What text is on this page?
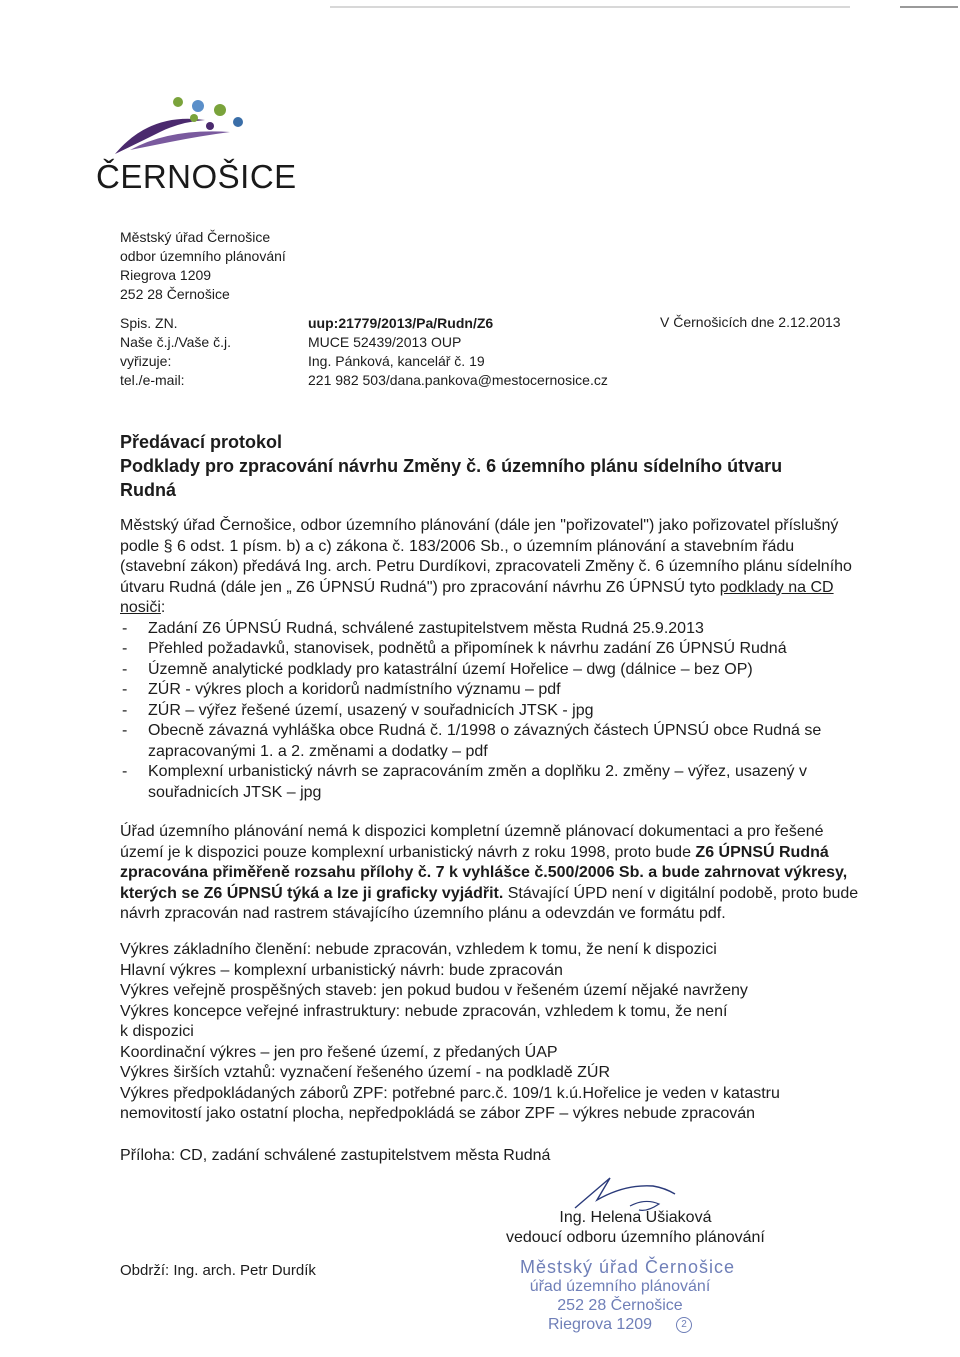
ČERNOŠICE
Městský úřad Černošice
odbor územního plánování
Riegrova 1209
252 28 Černošice
Spis. ZN.
Naše č.j./Vaše č.j.
vyřizuje:
tel./e-mail:
uup:21779/2013/Pa/Rudn/Z6
MUCE 52439/2013 OUP
Ing. Pánková, kancelář č. 19
221 982 503/dana.pankova@mestocernosice.cz
V Černošicích dne 2.12.2013
Předávací protokol
Podklady pro zpracování návrhu Změny č. 6 územního plánu sídelního útvaru
Rudná

Městský úřad Černošice, odbor územního plánování (dále jen "pořizovatel") jako pořizovatel příslušný podle § 6 odst. 1 písm. b) a c) zákona č. 183/2006 Sb., o územním plánování a stavebním řádu (stavební zákon) předává Ing. arch. Petru Durdíkovi, zpracovateli Změny č. 6 územního plánu sídelního útvaru Rudná (dále jen „ Z6 ÚPNSÚ Rudná") pro zpracování návrhu Z6 ÚPNSÚ tyto podklady na CD nosiči:

- Zadání Z6 ÚPNSÚ Rudná, schválené zastupitelstvem města Rudná 25.9.2013
- Přehled požadavků, stanovisek, podnětů a připomínek k návrhu zadání Z6 ÚPNSÚ Rudná
- Územně analytické podklady pro katastrální území Hořelice – dwg (dálnice – bez OP)
- ZÚR - výkres ploch a koridorů nadmístního významu – pdf
- ZÚR – výřez řešené území, usazený v souřadnicích JTSK - jpg
- Obecně závazná vyhláška obce Rudná č. 1/1998 o závazných částech ÚPNSÚ obce Rudná se zapracovanými 1. a 2. změnami a dodatky – pdf
- Komplexní urbanistický návrh se zapracováním změn a doplňku 2. změny – výřez, usazený v souřadnicích JTSK – jpg

Úřad územního plánování nemá k dispozici kompletní územně plánovací dokumentaci a pro řešené území je k dispozici pouze komplexní urbanistický návrh z roku 1998, proto bude Z6 ÚPNSÚ Rudná zpracována přiměřeně rozsahu přílohy č. 7 k vyhlášce č.500/2006 Sb. a bude zahrnovat výkresy, kterých se Z6 ÚPNSÚ týká a lze ji graficky vyjádřit. Stávající ÚPD není v digitální podobě, proto bude návrh zpracován nad rastrem stávajícího územního plánu a odevzdán ve formátu pdf.

Výkres základního členění: nebude zpracován, vzhledem k tomu, že není k dispozici
Hlavní výkres – komplexní urbanistický návrh: bude zpracován
Výkres veřejně prospěšných staveb: jen pokud budou v řešeném území nějaké navrženy
Výkres koncepce veřejné infrastruktury: nebude zpracován, vzhledem k tomu, že není
k dispozici
Koordinační výkres – jen pro řešené území, z předaných ÚAP
Výkres širších vztahů: vyznačení řešeného území - na podkladě ZÚR
Výkres předpokládaných záborů ZPF: potřebné parc.č. 109/1 k.ú.Hořelice je veden v katastru
nemovitostí jako ostatní plocha, nepředpokládá se zábor ZPF – výkres nebude zpracován
Příloha: CD, zadání schválené zastupitelstvem města Rudná
Ing. Helena Ušiaková
vedoucí odboru územního plánování
Obdrží: Ing. arch. Petr Durdík	Městský úřad Černošice
úřad územního plánování
252 28 Černošice
Riegrova 1209	2
